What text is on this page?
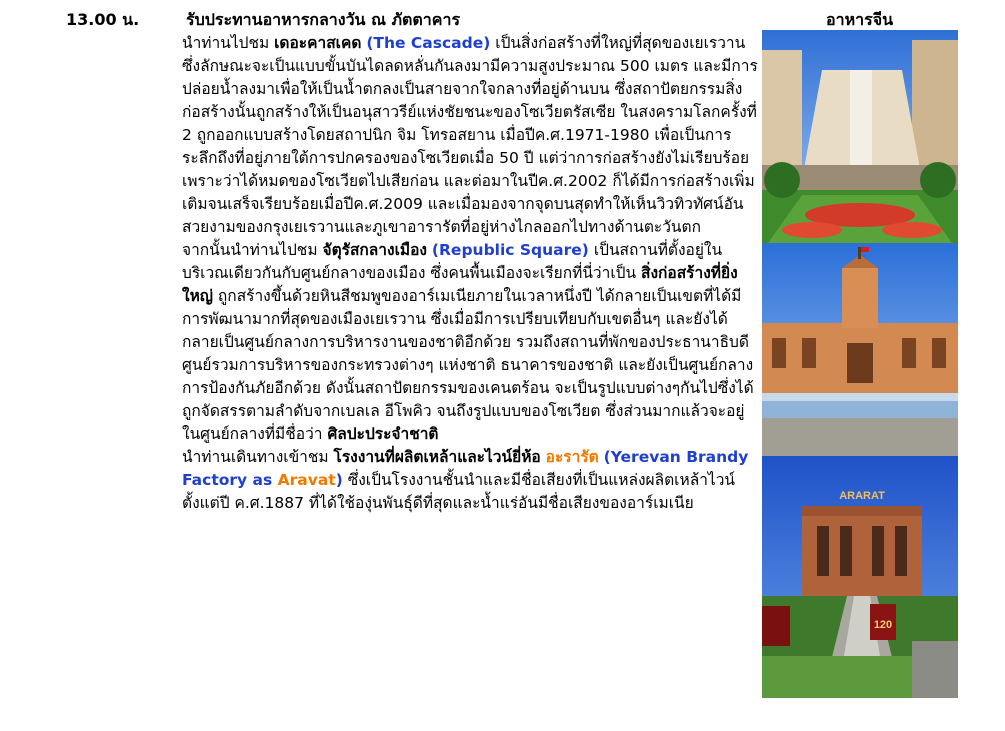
13.00 น.	รับประทานอาหารกลางวัน ณ ภัตตาคาร	อาหารจีน

นำท่านไปชม เดอะคาสเคด (The Cascade) เป็นสิ่งก่อสร้างที่ใหญ่ที่สุดของเยเรวาน ซึ่งลักษณะจะเป็นแบบขั้นบันไดลดหลั่นกันลงมามีความสูงประมาณ 500 เมตร และมีการปล่อยน้ำลงมาเพื่อให้เป็นน้ำตกลงเป็นสายจากใจกลางที่อยู่ด้านบน ซึ่งสถาปัตยกรรมสิ่งก่อสร้างนั้นถูกสร้างให้เป็นอนุสาวรีย์แห่งชัยชนะของโซเวียตรัสเซีย ในสงครามโลกครั้งที่ 2 ถูกออกแบบสร้างโดยสถาปนิก จิม โทรอสยาน เมื่อปีค.ศ.1971-1980 เพื่อเป็นการระลึกถึงที่อยู่ภายใต้การปกครองของโซเวียตเมื่อ 50 ปี แต่ว่าการก่อสร้างยังไม่เรียบร้อยเพราะว่าได้หมดของโซเวียตไปเสียก่อน และต่อมาในปีค.ศ.2002 ก็ได้มีการก่อสร้างเพิ่มเติมจนเสร็จเรียบร้อยเมื่อปีค.ศ.2009 และเมื่อมองจากจุดบนสุดทำให้เห็นวิวทิวทัศน์อันสวยงามของกรุงเยเรวานและภูเขาอารารัตที่อยู่ห่างไกลออกไปทางด้านตะวันตก

จากนั้นนำท่านไปชม จัตุรัสกลางเมือง (Republic Square) เป็นสถานที่ตั้งอยู่ในบริเวณเดียวกันกับศูนย์กลางของเมือง ซึ่งคนพื้นเมืองจะเรียกที่นี่ว่าเป็น สิ่งก่อสร้างที่ยิ่งใหญ่ ถูกสร้างขึ้นด้วยหินสีชมพูของอาร์เมเนียภายในเวลาหนึ่งปี ได้กลายเป็นเขตที่ได้มีการพัฒนามากที่สุดของเมืองเยเรวาน ซึ่งเมื่อมีการเปรียบเทียบกับเขตอื่นๆ และยังได้กลายเป็นศูนย์กลางการบริหารงานของชาติอีกด้วย รวมถึงสถานที่พักของประธานาธิบดี ศูนย์รวมการบริหารของกระทรวงต่างๆ แห่งชาติ ธนาคารของชาติ และยังเป็นศูนย์กลางการป้องกันภัยอีกด้วย ดังนั้นสถาปัตยกรรมของเคนตร้อน จะเป็นรูปแบบต่างๆกันไปซึ่งได้ถูกจัดสรรตามลำดับจากเบลเล อีโพคิว จนถึงรูปแบบของโซเวียต ซึ่งส่วนมากแล้วจะอยู่ในศูนย์กลางที่มีชื่อว่า ศิลปะประจำชาติ

นำท่านเดินทางเข้าชม โรงงานที่ผลิตเหล้าและไวน์ยี่ห้อ อะรารัต (Yerevan Brandy Factory as Aravat) ซึ่งเป็นโรงงานชั้นนำและมีชื่อเสียงที่เป็นแหล่งผลิตเหล้าไวน์ตั้งแต่ปี ค.ศ.1887 ที่ได้ใช้องุ่นพันธุ์ดีที่สุดและน้ำแร่อันมีชื่อเสียงของอาร์เมเนีย	ARARAT
120
